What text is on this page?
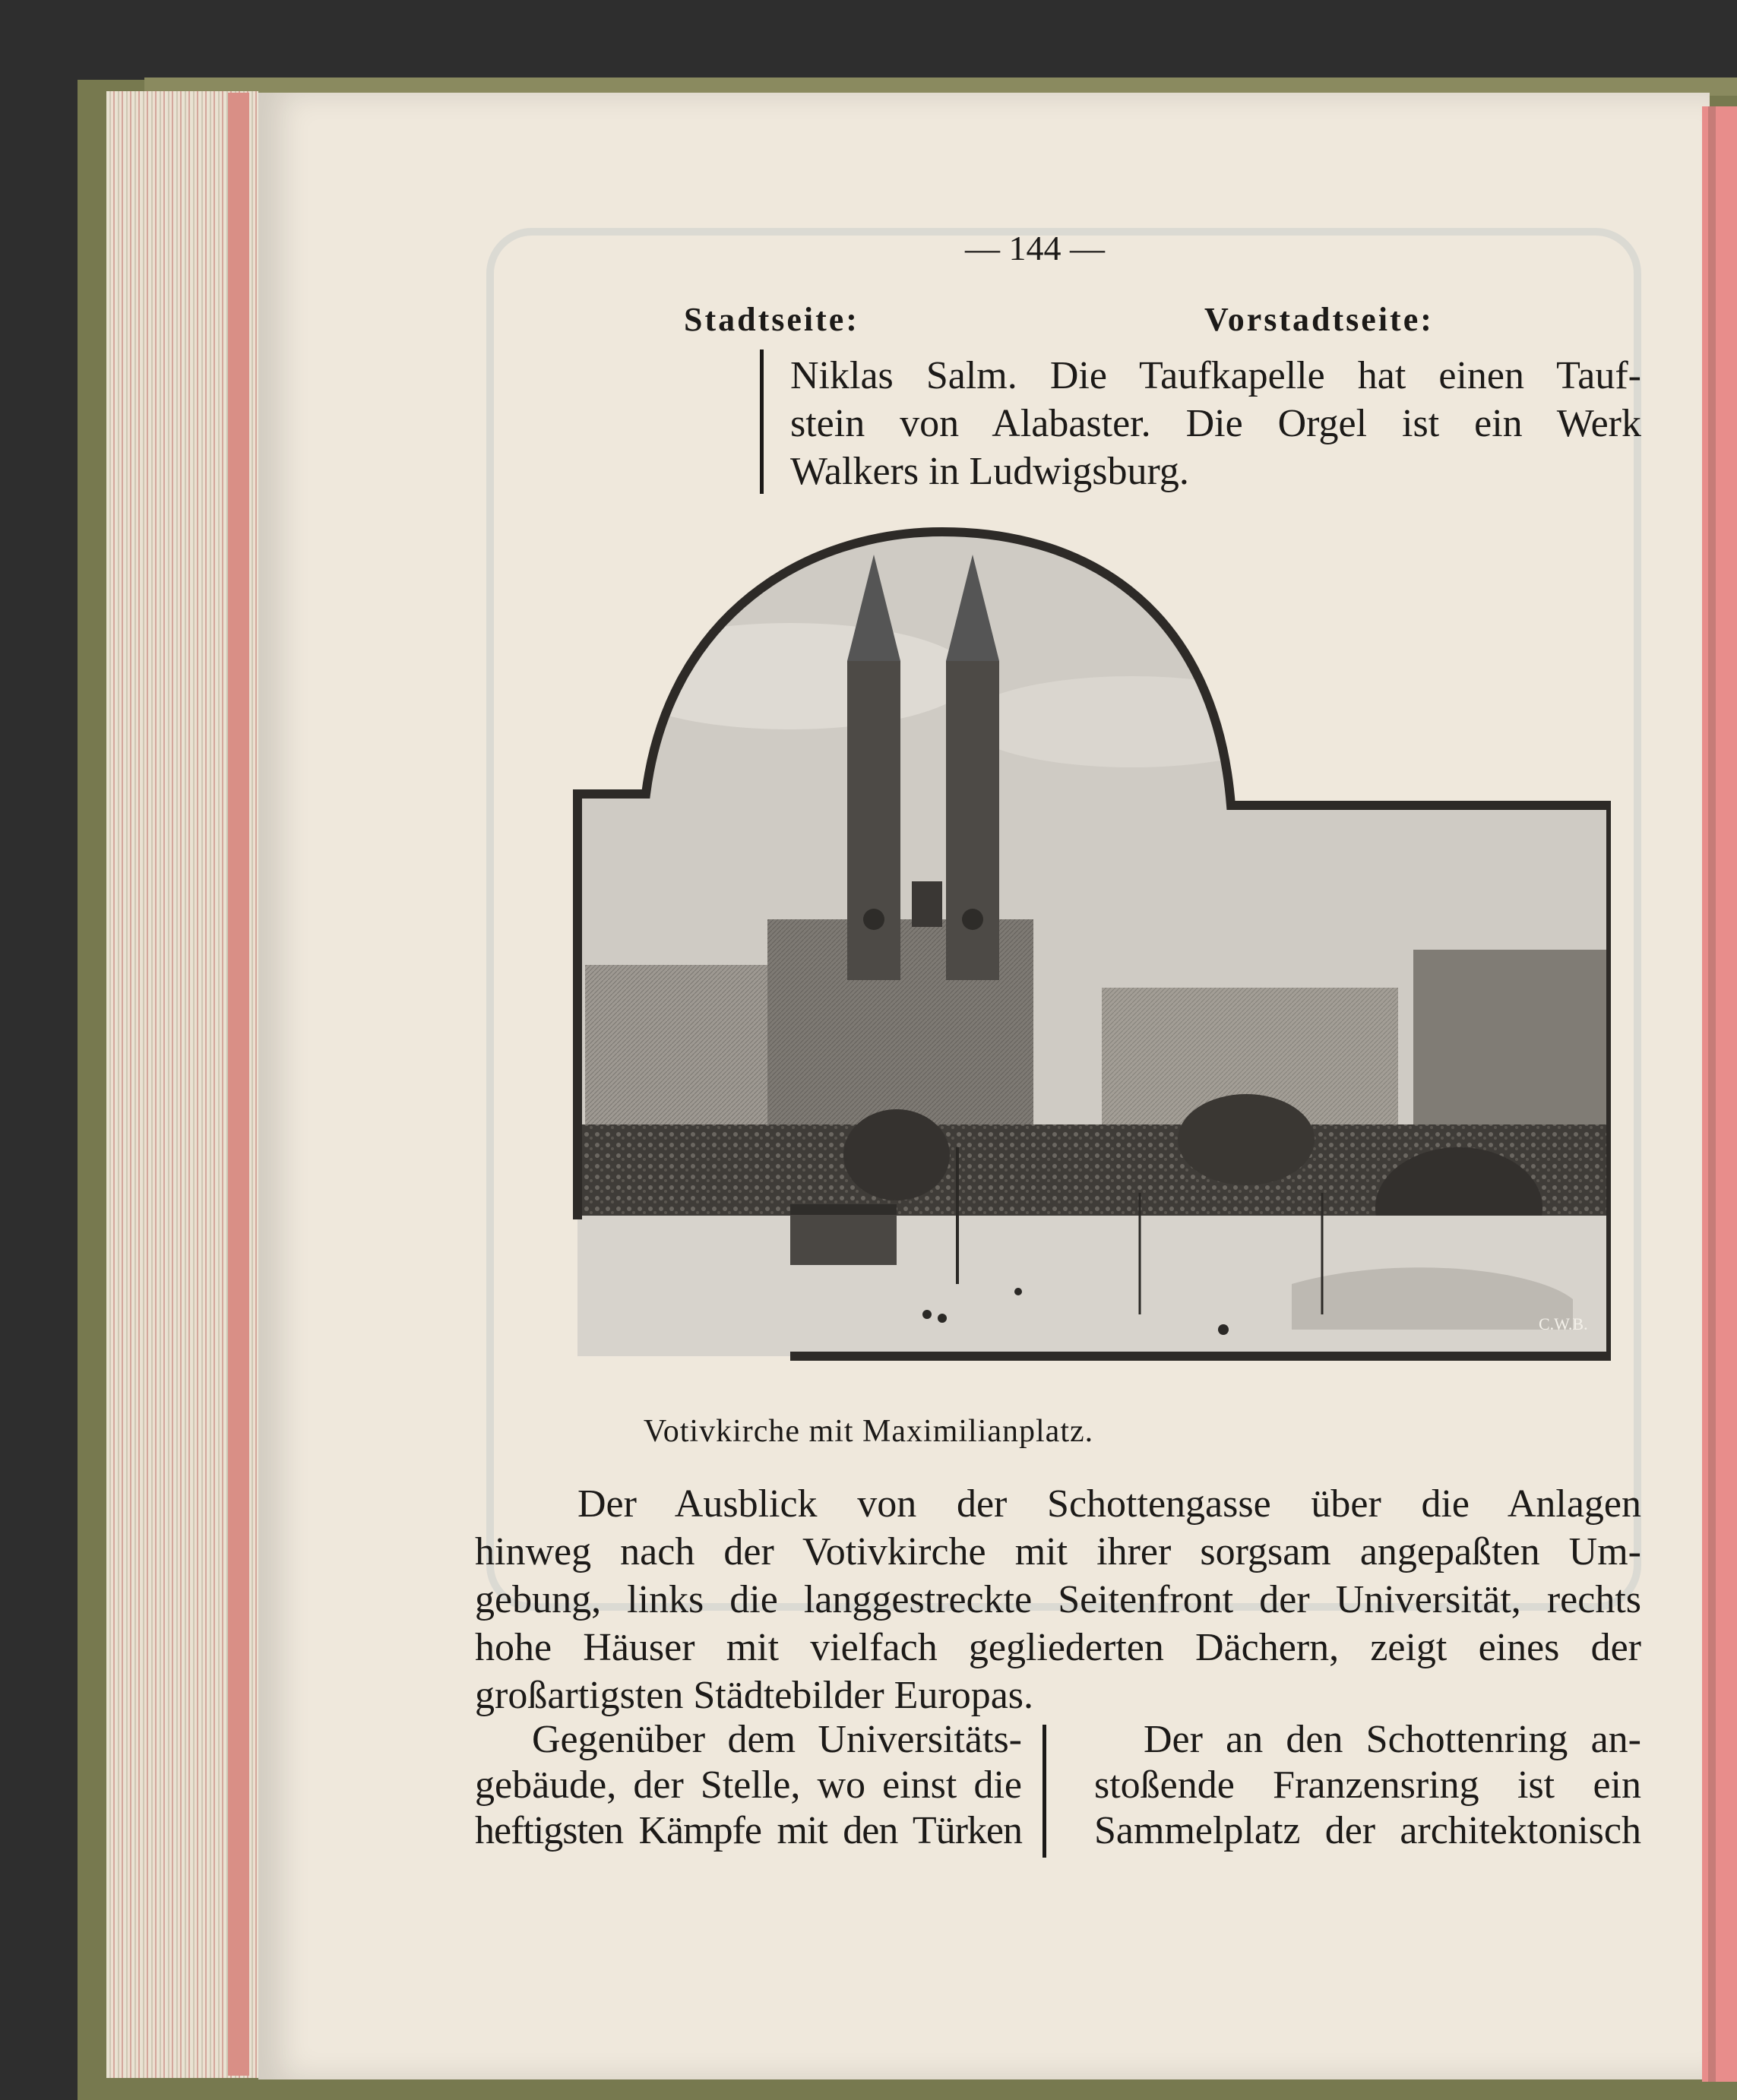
— 144 —
Stadtseite:	Vorstadtseite:
Niklas Salm. Die Taufkapelle hat einen Tauf-
stein von Alabaster. Die Orgel ist ein Werk
Walkers in Ludwigsburg.
C.W.B.
Votivkirche mit Maximilianplatz.
Der Ausblick von der Schottengasse über die Anlagen
hinweg nach der Votivkirche mit ihrer sorgsam angepaßten Um-
gebung, links die langgestreckte Seitenfront der Universität, rechts
hohe Häuser mit vielfach gegliederten Dächern, zeigt eines der
großartigsten Städtebilder Europas.
Gegenüber dem Universitäts-
gebäude, der Stelle, wo einst die
heftigsten Kämpfe mit den Türken
Der an den Schottenring an-
stoßende Franzensring ist ein
Sammelplatz der architektonisch
